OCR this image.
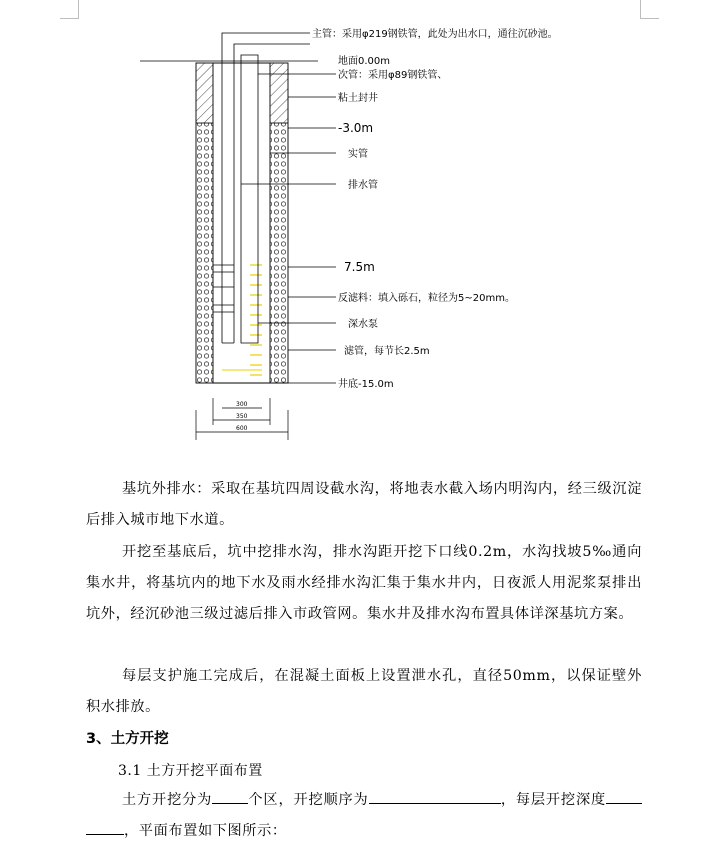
主管：采用φ219钢铁管，此处为出水口，通往沉砂池。
地面0.00m
次管：采用φ89钢铁管、
粘土封井
-3.0m
实管
排水管
7.5m
反滤料：填入砾石，粒径为5~20mm。
深水泵
滤管，每节长2.5m
井底-15.0m
300
350
600

基坑外排水：采取在基坑四周设截水沟，将地表水截入场内明沟内，经三级沉淀后排入城市地下水道。

开挖至基底后，坑中挖排水沟，排水沟距开挖下口线0.2m，水沟找坡5‰通向集水井，将基坑内的地下水及雨水经排水沟汇集于集水井内，日夜派人用泥浆泵排出坑外，经沉砂池三级过滤后排入市政管网。集水井及排水沟布置具体详深基坑方案。

每层支护施工完成后，在混凝土面板上设置泄水孔，直径50mm，以保证壁外积水排放。

3、土方开挖

3.1 土方开挖平面布置

土方开挖分为	个区，开挖顺序为	，每层开挖深度，平面布置如下图所示：
